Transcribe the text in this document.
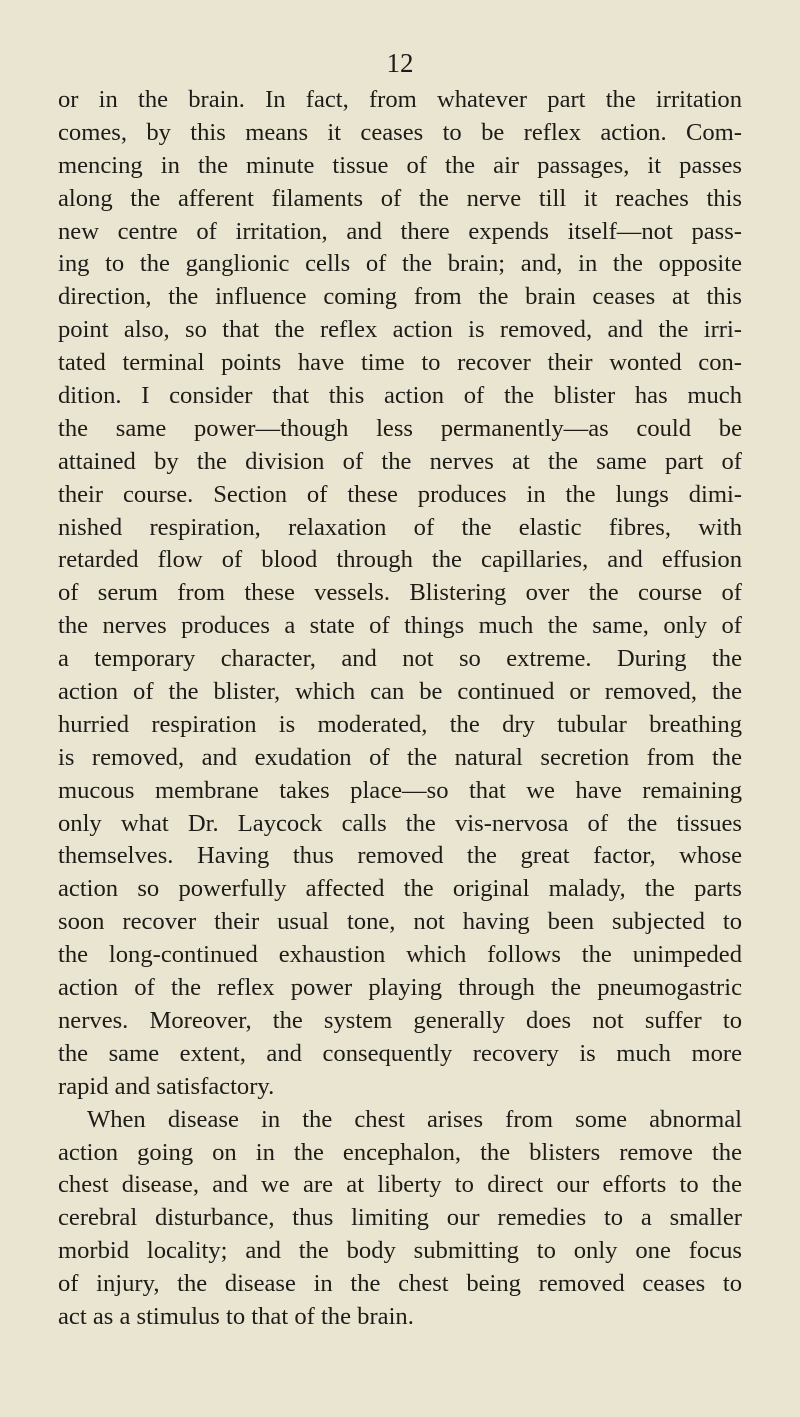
12
or in the brain. In fact, from whatever part the irritation
comes, by this means it ceases to be reflex action. Com-
mencing in the minute tissue of the air passages, it passes
along the afferent filaments of the nerve till it reaches this
new centre of irritation, and there expends itself—not pass-
ing to the ganglionic cells of the brain; and, in the opposite
direction, the influence coming from the brain ceases at this
point also, so that the reflex action is removed, and the irri-
tated terminal points have time to recover their wonted con-
dition. I consider that this action of the blister has much
the same power—though less permanently—as could be
attained by the division of the nerves at the same part of
their course. Section of these produces in the lungs dimi-
nished respiration, relaxation of the elastic fibres, with
retarded flow of blood through the capillaries, and effusion
of serum from these vessels. Blistering over the course of
the nerves produces a state of things much the same, only of
a temporary character, and not so extreme. During the
action of the blister, which can be continued or removed, the
hurried respiration is moderated, the dry tubular breathing
is removed, and exudation of the natural secretion from the
mucous membrane takes place—so that we have remaining
only what Dr. Laycock calls the vis-nervosa of the tissues
themselves. Having thus removed the great factor, whose
action so powerfully affected the original malady, the parts
soon recover their usual tone, not having been subjected to
the long-continued exhaustion which follows the unimpeded
action of the reflex power playing through the pneumogastric
nerves. Moreover, the system generally does not suffer to
the same extent, and consequently recovery is much more
rapid and satisfactory.
When disease in the chest arises from some abnormal
action going on in the encephalon, the blisters remove the
chest disease, and we are at liberty to direct our efforts to the
cerebral disturbance, thus limiting our remedies to a smaller
morbid locality; and the body submitting to only one focus
of injury, the disease in the chest being removed ceases to
act as a stimulus to that of the brain.
